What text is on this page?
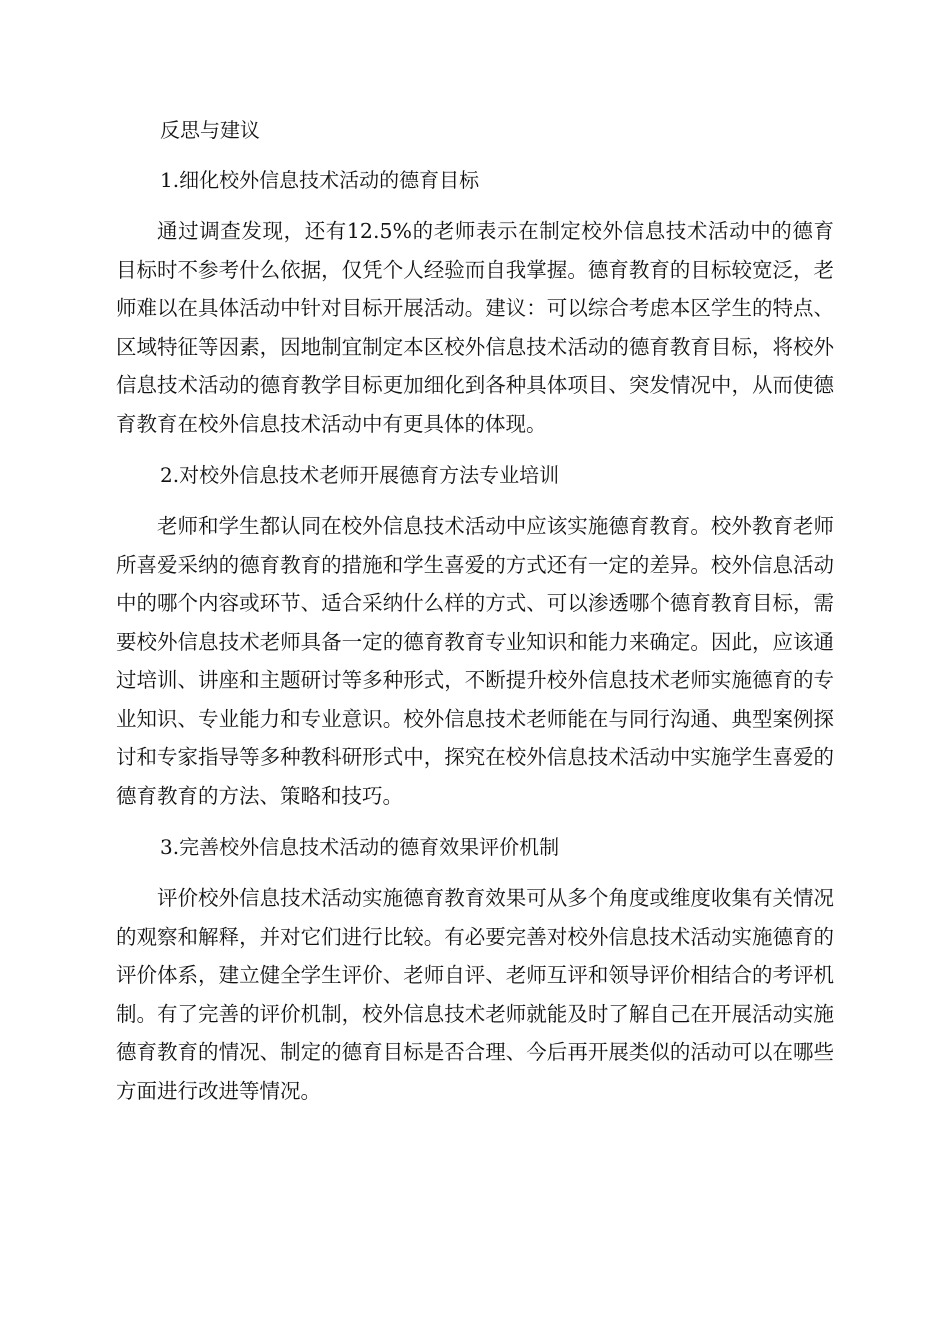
反思与建议
1.细化校外信息技术活动的德育目标

通过调查发现，还有12.5%的老师表示在制定校外信息技术活动中的德育目标时不参考什么依据，仅凭个人经验而自我掌握。德育教育的目标较宽泛，老师难以在具体活动中针对目标开展活动。建议：可以综合考虑本区学生的特点、区域特征等因素，因地制宜制定本区校外信息技术活动的德育教育目标，将校外信息技术活动的德育教学目标更加细化到各种具体项目、突发情况中，从而使德育教育在校外信息技术活动中有更具体的体现。

2.对校外信息技术老师开展德育方法专业培训

老师和学生都认同在校外信息技术活动中应该实施德育教育。校外教育老师所喜爱采纳的德育教育的措施和学生喜爱的方式还有一定的差异。校外信息活动中的哪个内容或环节、适合采纳什么样的方式、可以渗透哪个德育教育目标，需要校外信息技术老师具备一定的德育教育专业知识和能力来确定。因此，应该通过培训、讲座和主题研讨等多种形式，不断提升校外信息技术老师实施德育的专业知识、专业能力和专业意识。校外信息技术老师能在与同行沟通、典型案例探讨和专家指导等多种教科研形式中，探究在校外信息技术活动中实施学生喜爱的德育教育的方法、策略和技巧。

3.完善校外信息技术活动的德育效果评价机制

评价校外信息技术活动实施德育教育效果可从多个角度或维度收集有关情况的观察和解释，并对它们进行比较。有必要完善对校外信息技术活动实施德育的评价体系，建立健全学生评价、老师自评、老师互评和领导评价相结合的考评机制。有了完善的评价机制，校外信息技术老师就能及时了解自己在开展活动实施德育教育的情况、制定的德育目标是否合理、今后再开展类似的活动可以在哪些方面进行改进等情况。
